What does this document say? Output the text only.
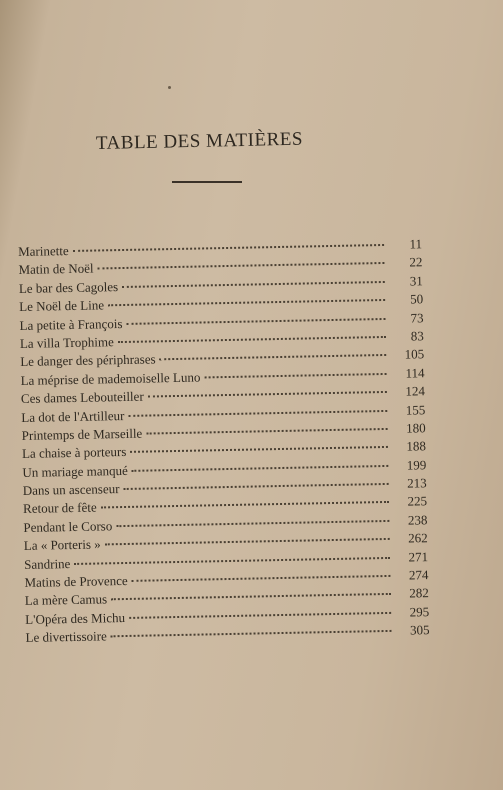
TABLE DES MATIÈRES
Marinette	11
Matin de Noël	22
Le bar des Cagoles	31
Le Noël de Line	50
La petite à François	73
La villa Trophime	83
Le danger des périphrases	105
La méprise de mademoiselle Luno	114
Ces dames Lebouteiller	124
La dot de l'Artilleur	155
Printemps de Marseille	180
La chaise à porteurs	188
Un mariage manqué	199
Dans un ascenseur	213
Retour de fête	225
Pendant le Corso	238
La « Porteris »	262
Sandrine	271
Matins de Provence	274
La mère Camus	282
L'Opéra des Michu	295
Le divertissoire	305
